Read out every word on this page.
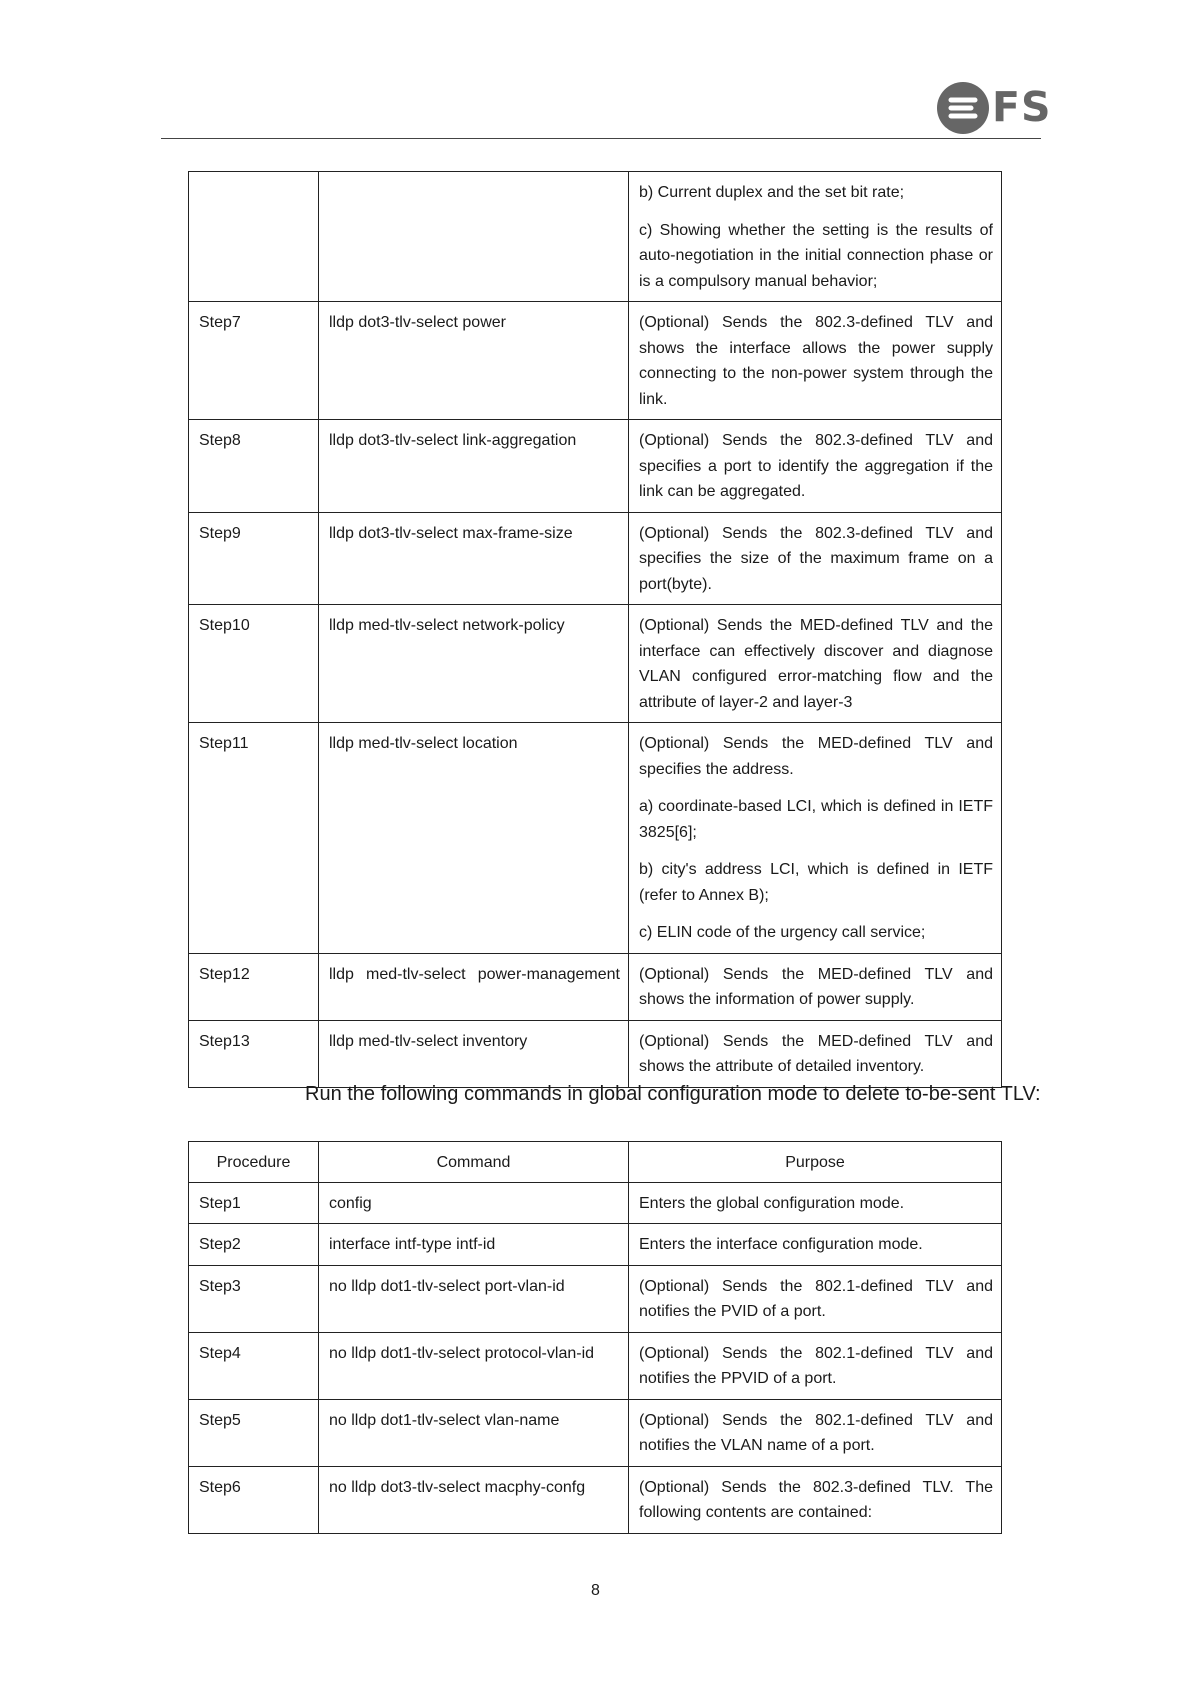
FS

		b) Current duplex and the set bit rate;

c) Showing whether the setting is the results of auto-negotiation in the initial connection phase or is a compulsory manual behavior;

Step7	lldp dot3-tlv-select power	(Optional) Sends the 802.3-defined TLV and shows the interface allows the power supply connecting to the non-power system through the link.

Step8	lldp dot3-tlv-select link-aggregation	(Optional) Sends the 802.3-defined TLV and specifies a port to identify the aggregation if the link can be aggregated.

Step9	lldp dot3-tlv-select max-frame-size	(Optional) Sends the 802.3-defined TLV and specifies the size of the maximum frame on a port(byte).

Step10	lldp med-tlv-select network-policy	(Optional) Sends the MED-defined TLV and the interface can effectively discover and diagnose VLAN configured error-matching flow and the attribute of layer-2 and layer-3

Step11	lldp med-tlv-select location	(Optional) Sends the MED-defined TLV and specifies the address.

a) coordinate-based LCI, which is defined in IETF 3825[6];

b) city's address LCI, which is defined in IETF (refer to Annex B);

c) ELIN code of the urgency call service;

Step12	lldp med-tlv-select power-management	(Optional) Sends the MED-defined TLV and shows the information of power supply.

Step13	lldp med-tlv-select inventory	(Optional) Sends the MED-defined TLV and shows the attribute of detailed inventory.

Run the following commands in global configuration mode to delete to-be-sent TLV:

Procedure	Command	Purpose
Step1	config	Enters the global configuration mode.

Step2	interface intf-type intf-id	Enters the interface configuration mode.

Step3	no lldp dot1-tlv-select port-vlan-id	(Optional) Sends the 802.1-defined TLV and notifies the PVID of a port.

Step4	no lldp dot1-tlv-select protocol-vlan-id	(Optional) Sends the 802.1-defined TLV and notifies the PPVID of a port.

Step5	no lldp dot1-tlv-select vlan-name	(Optional) Sends the 802.1-defined TLV and notifies the VLAN name of a port.

Step6	no lldp dot3-tlv-select macphy-confg	(Optional) Sends the 802.3-defined TLV. The following contents are contained:

8
